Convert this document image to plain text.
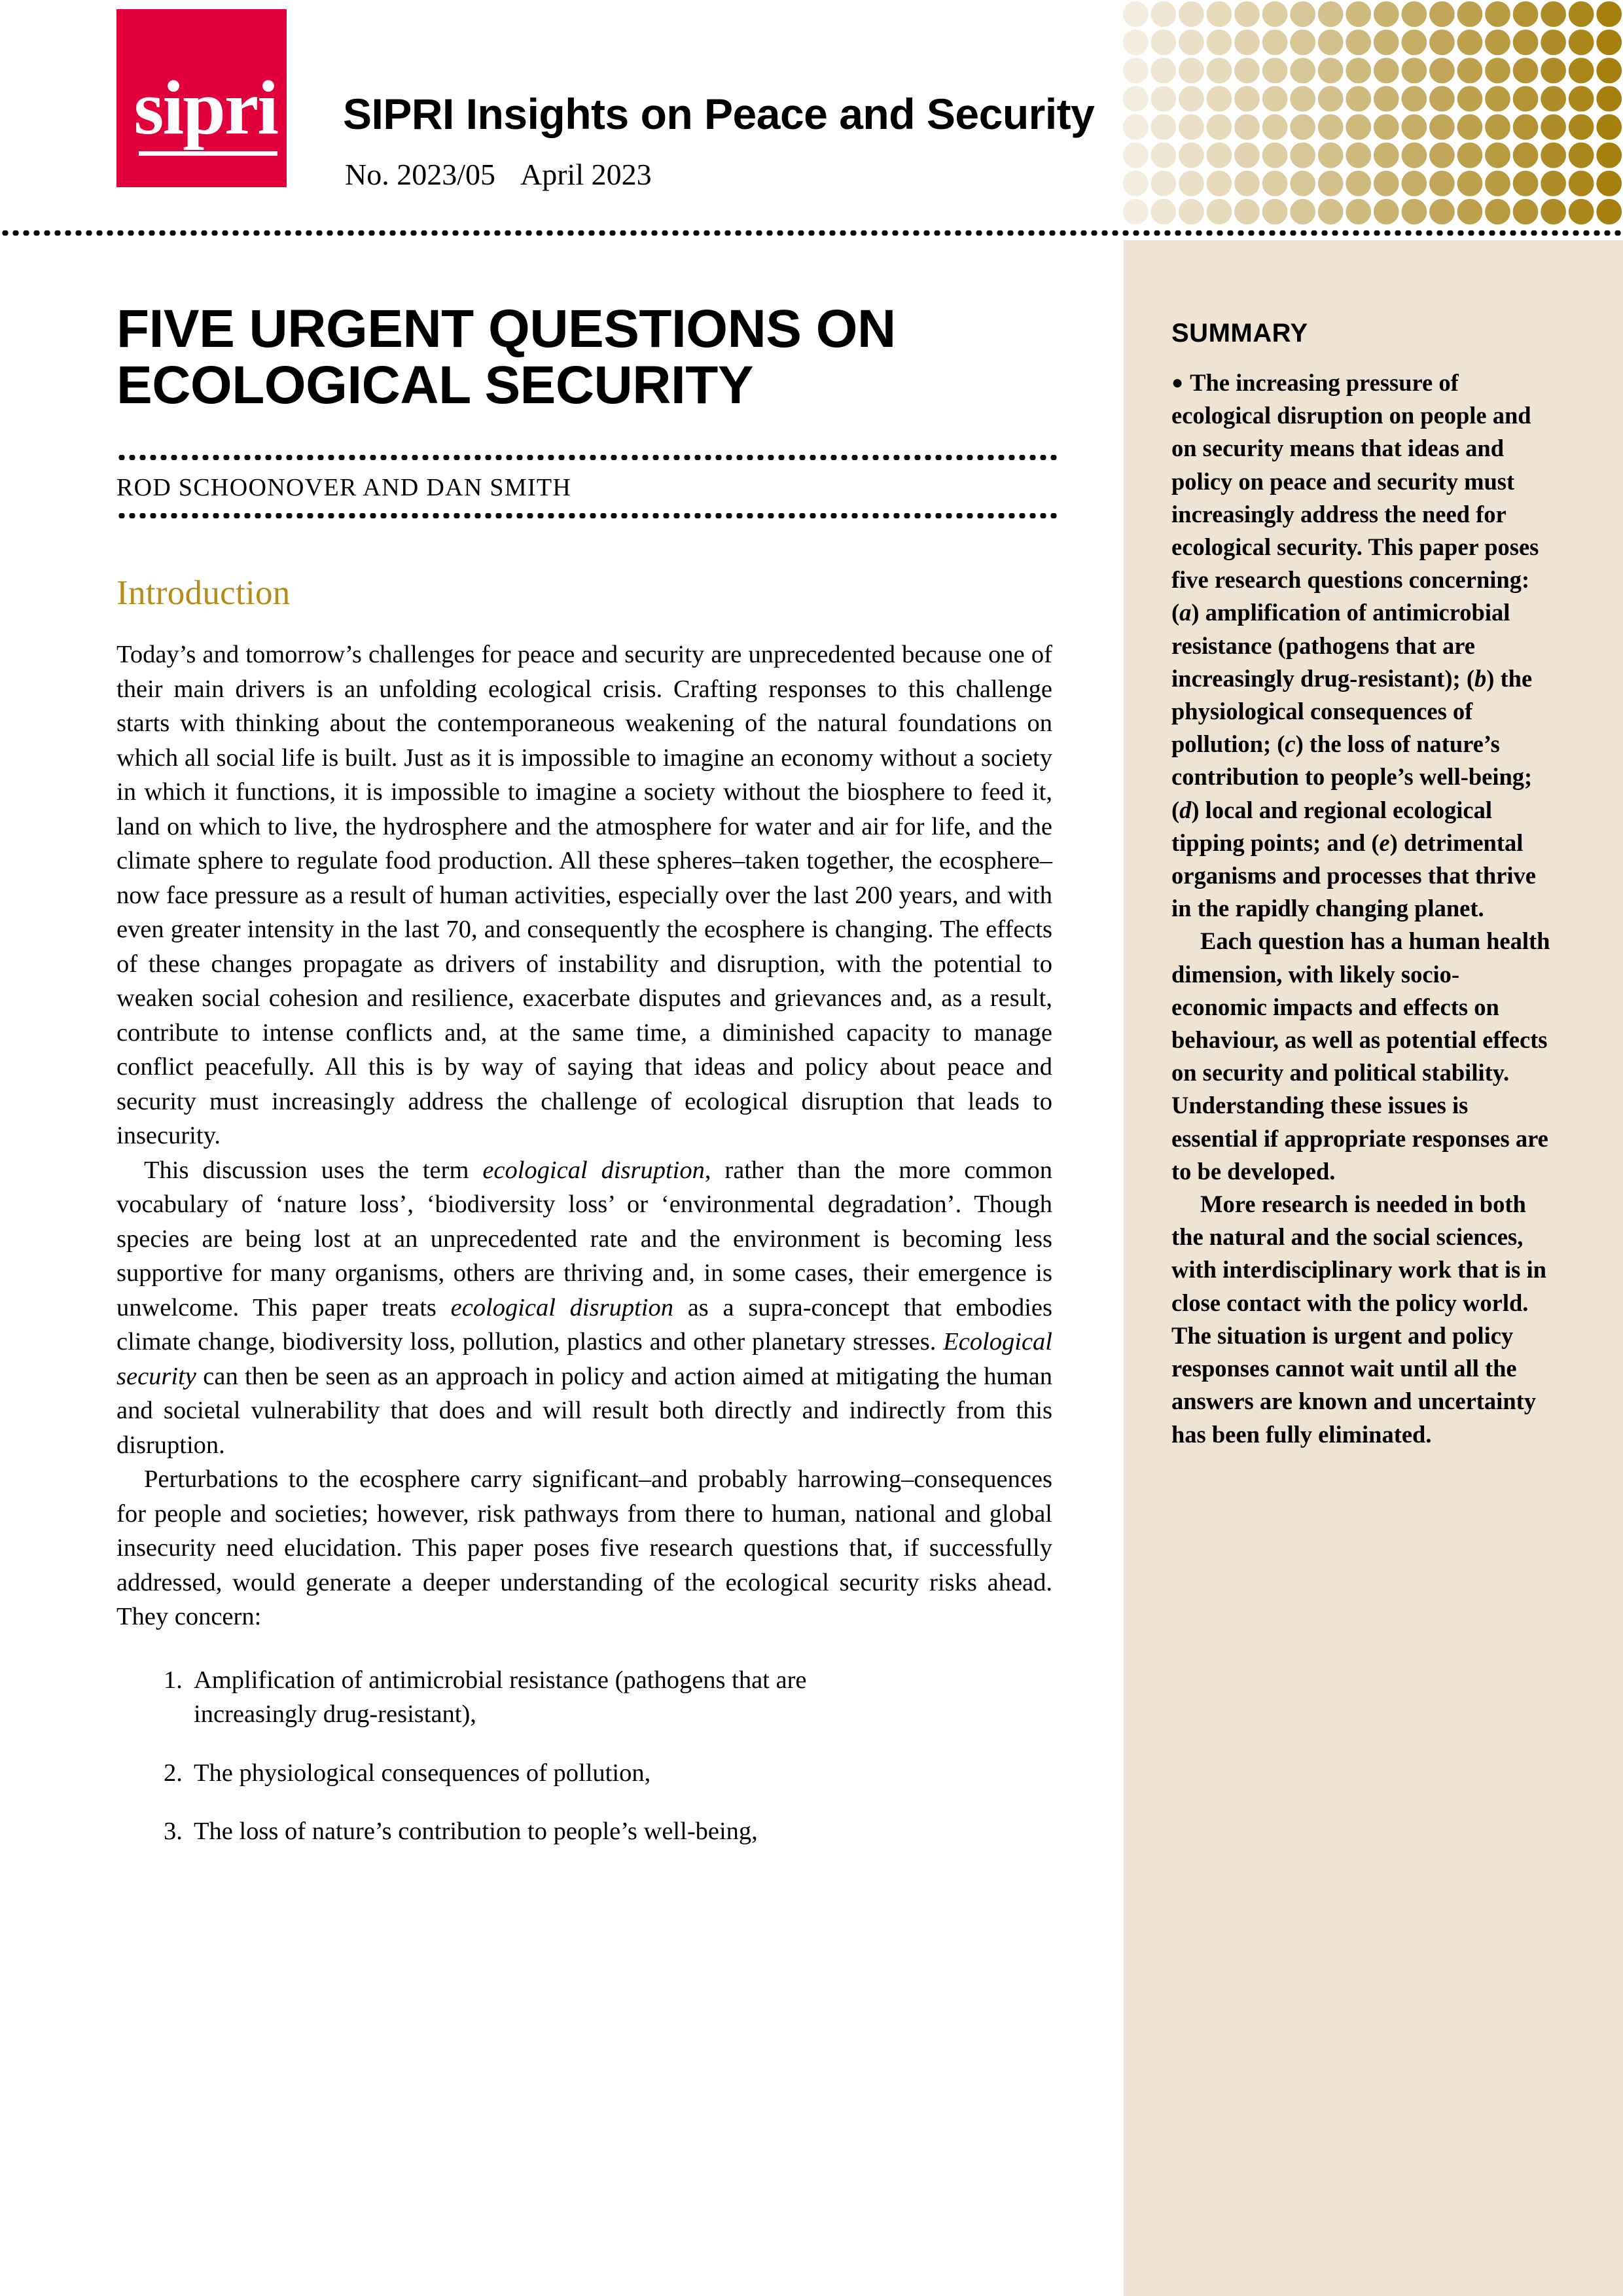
sipri SIPRI Insights on Peace and Security
No. 2023/05 April 2023
SUMMARY

●The increasing pressure of ecological disruption on people and on security means that ideas and policy on peace and security must increasingly address the need for ecological security. This paper poses five research questions concerning: (a) amplification of antimicrobial resistance (pathogens that are increasingly drug-resistant); (b) the physiological consequences of pollution; (c) the loss of nature’s contribution to people’s well-being; (d) local and regional ecological tipping points; and (e) detrimental organisms and processes that thrive in the rapidly changing planet.

Each question has a human health dimension, with likely socio-economic impacts and effects on behaviour, as well as potential effects on security and political stability. Understanding these issues is essential if appropriate responses are to be developed.

More research is needed in both the natural and the social sciences, with interdisciplinary work that is in close contact with the policy world. The situation is urgent and policy responses cannot wait until all the answers are known and uncertainty has been fully eliminated.

FIVE URGENT QUESTIONS ON ECOLOGICAL SECURITY
ROD SCHOONOVER AND DAN SMITH
Introduction

Today’s and tomorrow’s challenges for peace and security are unprecedented because one of their main drivers is an unfolding ecological crisis. Crafting responses to this challenge starts with thinking about the contemporaneous weakening of the natural foundations on which all social life is built. Just as it is impossible to imagine an economy without a society in which it functions, it is impossible to imagine a society without the biosphere to feed it, land on which to live, the hydrosphere and the atmosphere for water and air for life, and the climate sphere to regulate food production. All these spheres–taken together, the ecosphere–now face pressure as a result of human activities, especially over the last 200 years, and with even greater intensity in the last 70, and consequently the ecosphere is changing. The effects of these changes propagate as drivers of instability and disruption, with the potential to weaken social cohesion and resilience, exacerbate disputes and grievances and, as a result, contribute to intense conflicts and, at the same time, a diminished capacity to manage conflict peacefully. All this is by way of saying that ideas and policy about peace and security must increasingly address the challenge of ecological disruption that leads to insecurity.

This discussion uses the term ecological disruption, rather than the more common vocabulary of ‘nature loss’, ‘biodiversity loss’ or ‘environmental degradation’. Though species are being lost at an unprecedented rate and the environment is becoming less supportive for many organisms, others are thriving and, in some cases, their emergence is unwelcome. This paper treats ecological disruption as a supra-concept that embodies climate change, biodiversity loss, pollution, plastics and other planetary stresses. Ecological security can then be seen as an approach in policy and action aimed at mitigating the human and societal vulnerability that does and will result both directly and indirectly from this disruption.

Perturbations to the ecosphere carry significant–and probably harrowing–consequences for people and societies; however, risk pathways from there to human, national and global insecurity need elucidation. This paper poses five research questions that, if successfully addressed, would generate a deeper understanding of the ecological security risks ahead. They concern:

1. Amplification of antimicrobial resistance (pathogens that are increasingly drug-resistant),
2. The physiological consequences of pollution,
3. The loss of nature’s contribution to people’s well-being,
